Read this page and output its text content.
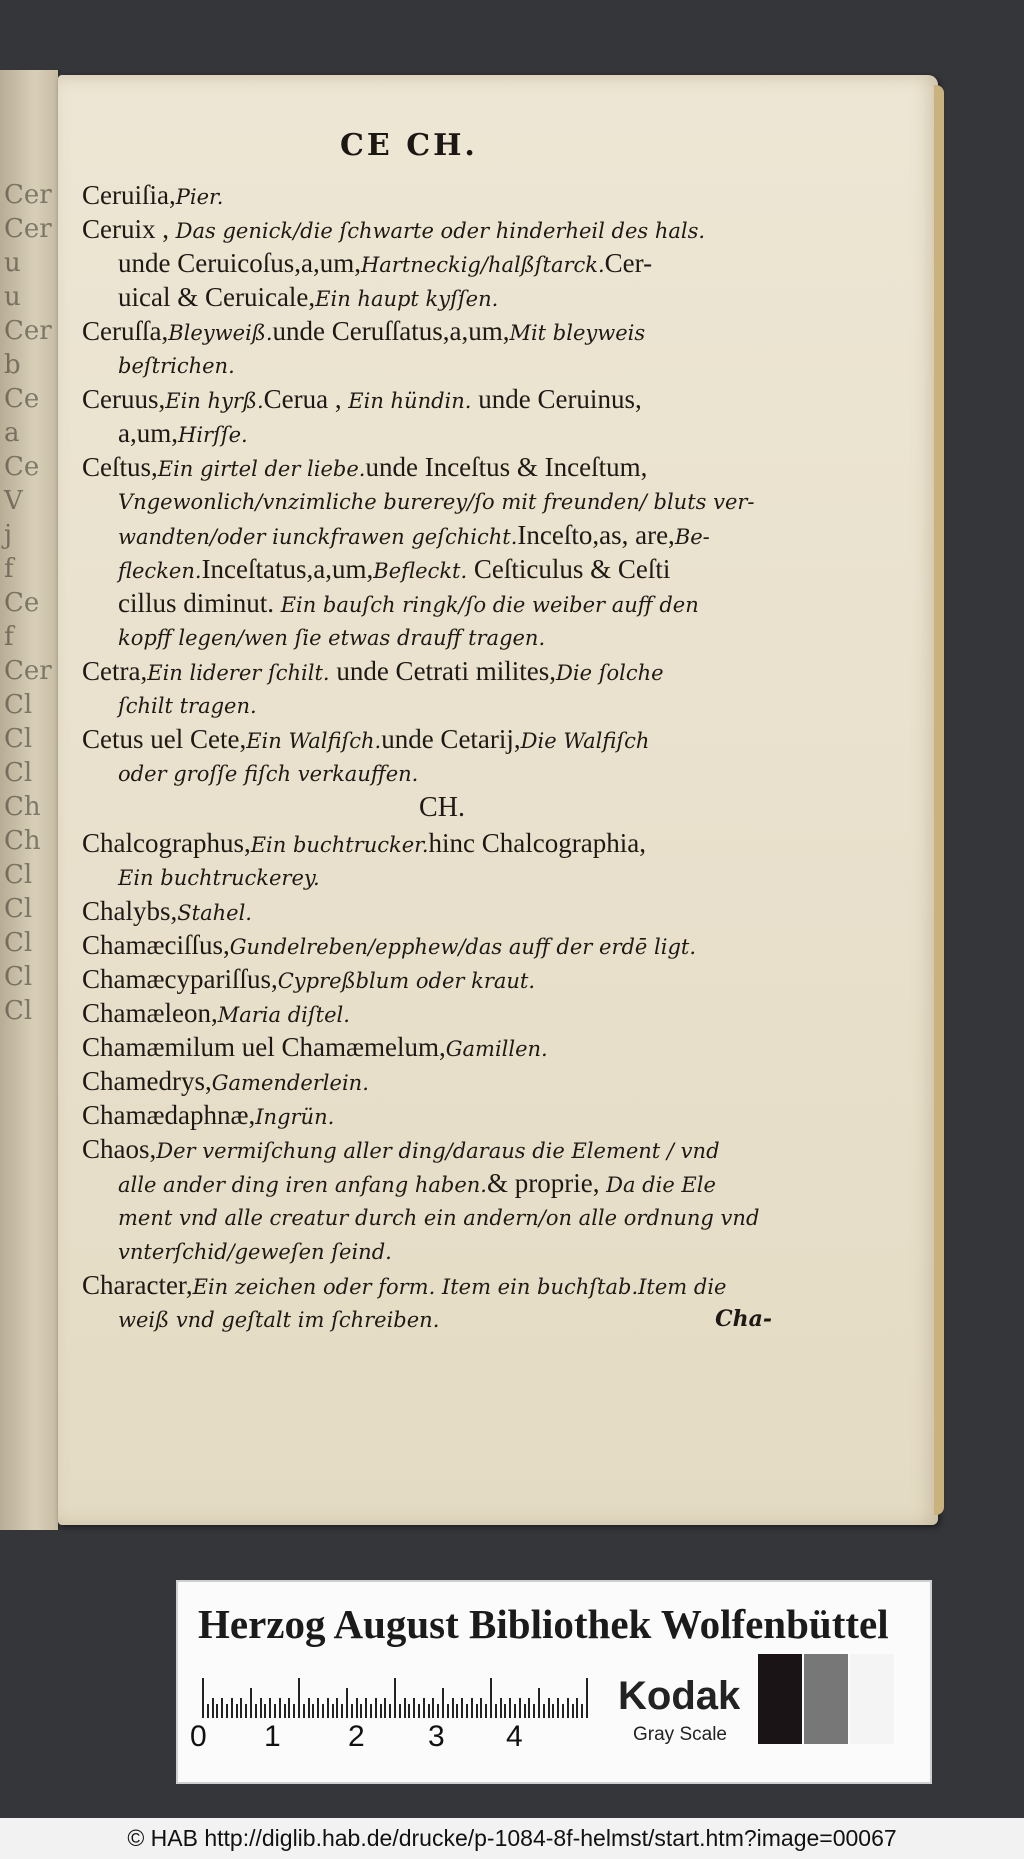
Cer
Cer
u
u
Cer
b
Ce
a
Ce
V
j
f
Ce
f
Cer
Cl
Cl
Cl
Ch
Ch
Cl
Cl
Cl
Cl
Cl
CE CH.
Ceruiſia,Pier.
Ceruix , Das genick/die ſchwarte oder hinderheil des hals.
unde Ceruicoſus,a,um,Hartneckig/halßſtarck.Cer-
uical & Ceruicale,Ein haupt kyſſen.
Ceruſſa,Bleyweiß.unde Ceruſſatus,a,um,Mit bleyweis
beſtrichen.
Ceruus,Ein hyrß.Cerua , Ein hündin. unde Ceruinus,
a,um,Hirſſe.
Ceſtus,Ein girtel der liebe.unde Inceſtus & Inceſtum,
Vngewonlich/vnzimliche burerey/ſo mit freunden/ bluts ver-
wandten/oder iunckfrawen geſchicht.Inceſto,as, are,Be-
flecken.Inceſtatus,a,um,Befleckt. Ceſticulus & Ceſti
cillus diminut. Ein bauſch ringk/ſo die weiber auff den
kopff legen/wen ſie etwas drauff tragen.
Cetra,Ein liderer ſchilt. unde Cetrati milites,Die ſolche
ſchilt tragen.
Cetus uel Cete,Ein Walfiſch.unde Cetarij,Die Walfiſch
oder groſſe fiſch verkauffen.
CH.
Chalcographus,Ein buchtrucker.hinc Chalcographia,
Ein buchtruckerey.
Chalybs,Stahel.
Chamæciſſus,Gundelreben/epphew/das auff der erdē ligt.
Chamæcypariſſus,Cypreßblum oder kraut.
Chamæleon,Maria diſtel.
Chamæmilum uel Chamæmelum,Gamillen.
Chamedrys,Gamenderlein.
Chamædaphnæ,Ingrün.
Chaos,Der vermiſchung aller ding/daraus die Element / vnd
alle ander ding iren anfang haben.& proprie, Da die Ele
ment vnd alle creatur durch ein andern/on alle ordnung vnd
vnterſchid/geweſen ſeind.
Character,Ein zeichen oder form. Item ein buchſtab.Item die
weiß vnd geſtalt im ſchreiben.	Cha-
Herzog August Bibliothek Wolfenbüttel
0 1 2 3 4
Kodak
Gray Scale
© HAB http://diglib.hab.de/drucke/p-1084-8f-helmst/start.htm?image=00067
